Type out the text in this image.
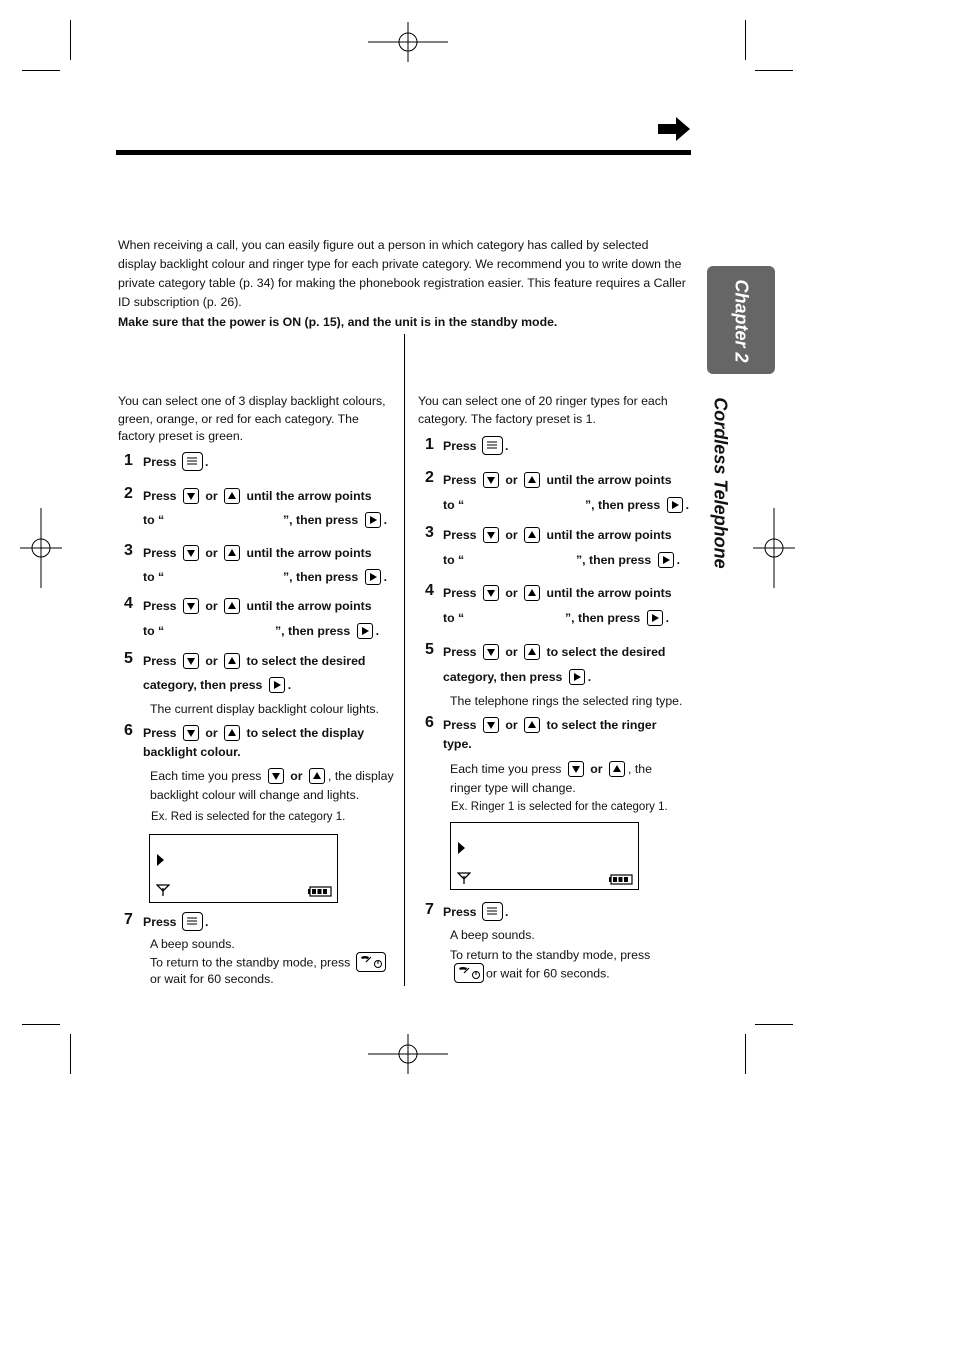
When receiving a call, you can easily figure out a person in which category has called by selected display backlight colour and ringer type for each private category. We recommend you to write down the private category table (p. 34) for making the phonebook registration easier. This feature requires a Caller ID subscription (p. 26).

Make sure that the power is ON (p. 15), and the unit is in the standby mode.	Chapter 2
Cordless Telephone
You can select one of 3 display backlight colours, green, orange, or red for each category. The factory preset is green.
1 Press .
2 Press or until the arrow points
to “	”, then press .
3 Press or until the arrow points
to “	”, then press .
4 Press or until the arrow points
to “	”, then press .
5 Press or to select the desired
category, then press .
The current display backlight colour lights.
6 Press or to select the display
backlight colour.
Each time you press or , the display
backlight colour will change and lights.
Ex. Red is selected for the category 1.
7 Press .
A beep sounds.
To return to the standby mode, press
or wait for 60 seconds.
You can select one of 20 ringer types for each category. The factory preset is 1.
1 Press .
2 Press or until the arrow points
to “	”, then press .
3 Press or until the arrow points
to “	”, then press .
4 Press or until the arrow points
to “	”, then press .
5 Press or to select the desired
category, then press .
The telephone rings the selected ring type.
6 Press or to select the ringer
type.
Each time you press or , the
ringer type will change.
Ex. Ringer 1 is selected for the category 1.
7 Press .
A beep sounds.
To return to the standby mode, press
or wait for 60 seconds.
